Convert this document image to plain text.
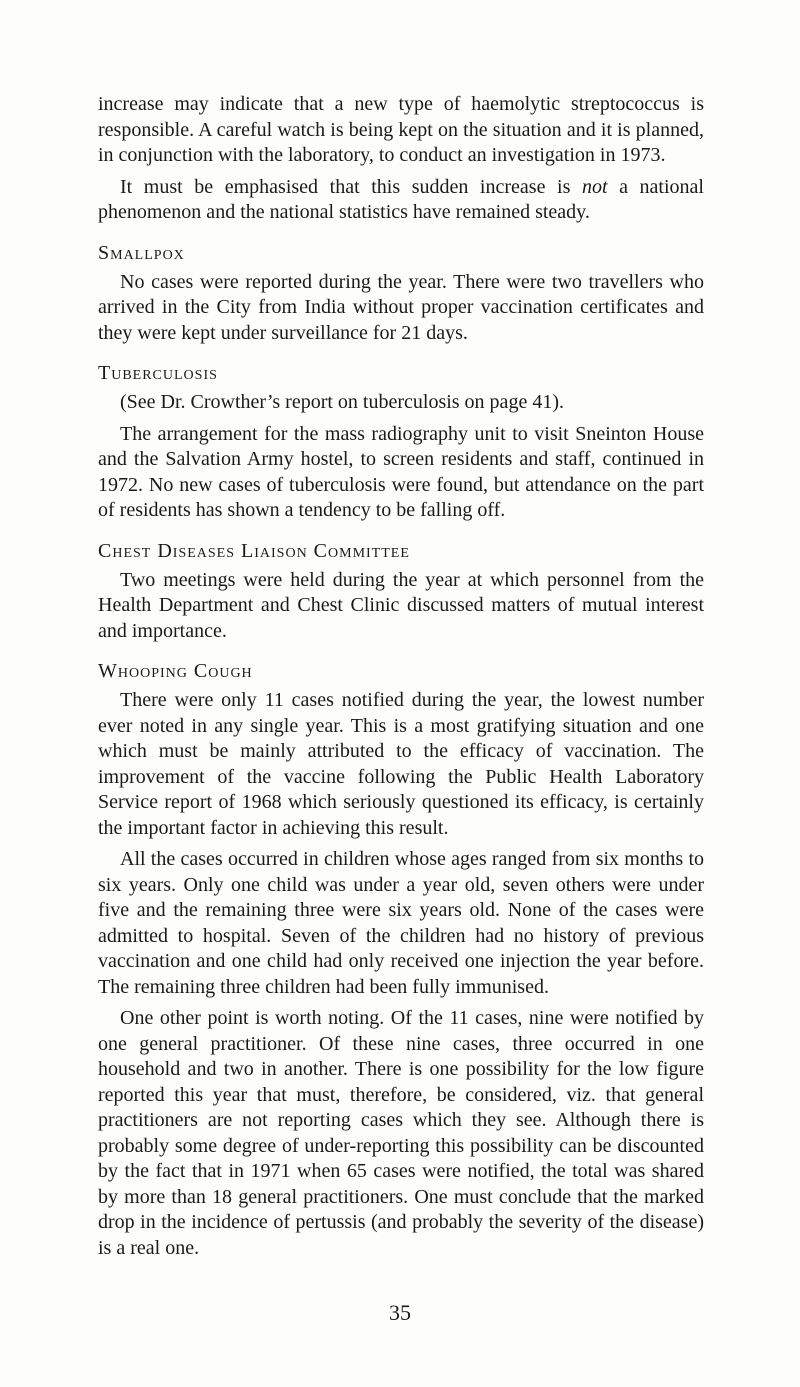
increase may indicate that a new type of haemolytic streptococcus is responsible. A careful watch is being kept on the situation and it is planned, in conjunction with the laboratory, to conduct an investigation in 1973.

It must be emphasised that this sudden increase is not a national phenomenon and the national statistics have remained steady.

Smallpox

No cases were reported during the year. There were two travellers who arrived in the City from India without proper vaccination certificates and they were kept under surveillance for 21 days.

Tuberculosis

(See Dr. Crowther’s report on tuberculosis on page 41).

The arrangement for the mass radiography unit to visit Sneinton House and the Salvation Army hostel, to screen residents and staff, continued in 1972. No new cases of tuberculosis were found, but attendance on the part of residents has shown a tendency to be falling off.

Chest Diseases Liaison Committee

Two meetings were held during the year at which personnel from the Health Department and Chest Clinic discussed matters of mutual interest and importance.

Whooping Cough

There were only 11 cases notified during the year, the lowest number ever noted in any single year. This is a most gratifying situation and one which must be mainly attributed to the efficacy of vaccination. The improvement of the vaccine following the Public Health Laboratory Service report of 1968 which seriously questioned its efficacy, is certainly the important factor in achieving this result.

All the cases occurred in children whose ages ranged from six months to six years. Only one child was under a year old, seven others were under five and the remaining three were six years old. None of the cases were admitted to hospital. Seven of the children had no history of previous vaccination and one child had only received one injection the year before. The remaining three children had been fully immunised.

One other point is worth noting. Of the 11 cases, nine were notified by one general practitioner. Of these nine cases, three occurred in one household and two in another. There is one possibility for the low figure reported this year that must, therefore, be considered, viz. that general practitioners are not reporting cases which they see. Although there is probably some degree of under-reporting this possibility can be discounted by the fact that in 1971 when 65 cases were notified, the total was shared by more than 18 general practitioners. One must conclude that the marked drop in the incidence of pertussis (and probably the severity of the disease) is a real one.

35
